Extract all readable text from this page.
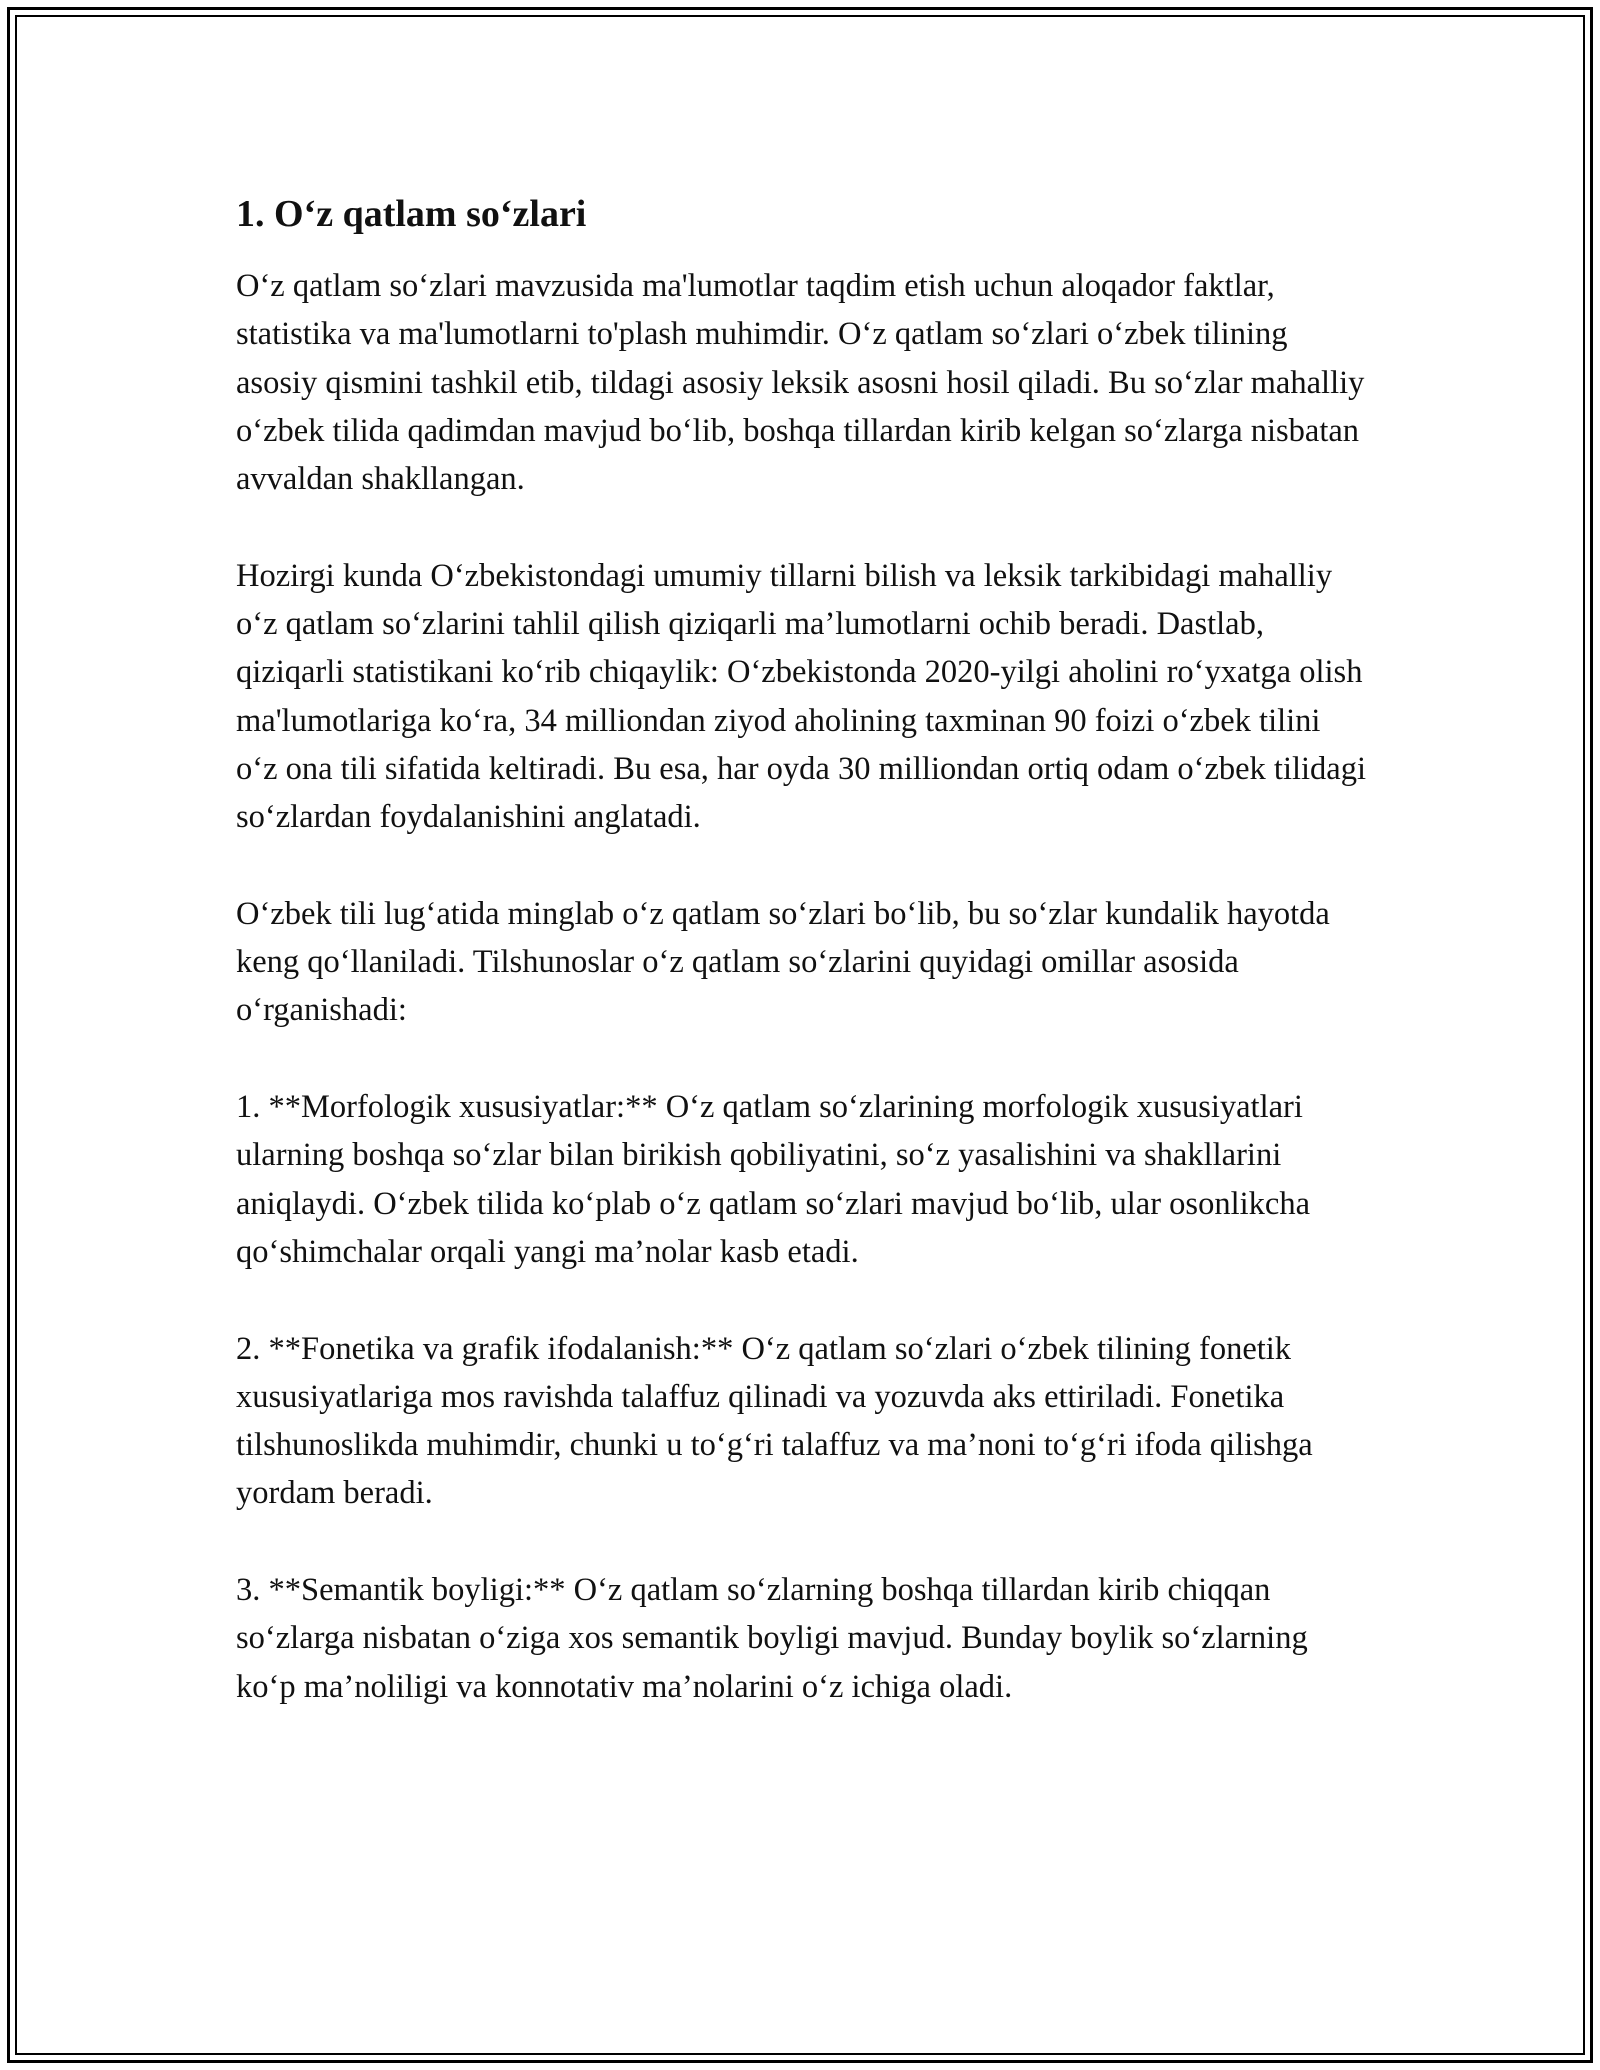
1. O‘z qatlam so‘zlari

O‘z qatlam so‘zlari mavzusida ma'lumotlar taqdim etish uchun aloqador faktlar, statistika va ma'lumotlarni to'plash muhimdir. O‘z qatlam so‘zlari o‘zbek tilining asosiy qismini tashkil etib, tildagi asosiy leksik asosni hosil qiladi. Bu so‘zlar mahalliy o‘zbek tilida qadimdan mavjud bo‘lib, boshqa tillardan kirib kelgan so‘zlarga nisbatan avvaldan shakllangan.

Hozirgi kunda O‘zbekistondagi umumiy tillarni bilish va leksik tarkibidagi mahalliy o‘z qatlam so‘zlarini tahlil qilish qiziqarli ma’lumotlarni ochib beradi. Dastlab, qiziqarli statistikani ko‘rib chiqaylik: O‘zbekistonda 2020-yilgi aholini ro‘yxatga olish ma'lumotlariga ko‘ra, 34 milliondan ziyod aholining taxminan 90 foizi o‘zbek tilini o‘z ona tili sifatida keltiradi. Bu esa, har oyda 30 milliondan ortiq odam o‘zbek tilidagi so‘zlardan foydalanishini anglatadi.

O‘zbek tili lug‘atida minglab o‘z qatlam so‘zlari bo‘lib, bu so‘zlar kundalik hayotda keng qo‘llaniladi. Tilshunoslar o‘z qatlam so‘zlarini quyidagi omillar asosida o‘rganishadi:

1. **Morfologik xususiyatlar:** O‘z qatlam so‘zlarining morfologik xususiyatlari ularning boshqa so‘zlar bilan birikish qobiliyatini, so‘z yasalishini va shakllarini aniqlaydi. O‘zbek tilida ko‘plab o‘z qatlam so‘zlari mavjud bo‘lib, ular osonlikcha qo‘shimchalar orqali yangi ma’nolar kasb etadi.

2. **Fonetika va grafik ifodalanish:** O‘z qatlam so‘zlari o‘zbek tilining fonetik xususiyatlariga mos ravishda talaffuz qilinadi va yozuvda aks ettiriladi. Fonetika tilshunoslikda muhimdir, chunki u to‘g‘ri talaffuz va ma’noni to‘g‘ri ifoda qilishga yordam beradi.

3. **Semantik boyligi:** O‘z qatlam so‘zlarning boshqa tillardan kirib chiqqan so‘zlarga nisbatan o‘ziga xos semantik boyligi mavjud. Bunday boylik so‘zlarning ko‘p ma’noliligi va konnotativ ma’nolarini o‘z ichiga oladi.
